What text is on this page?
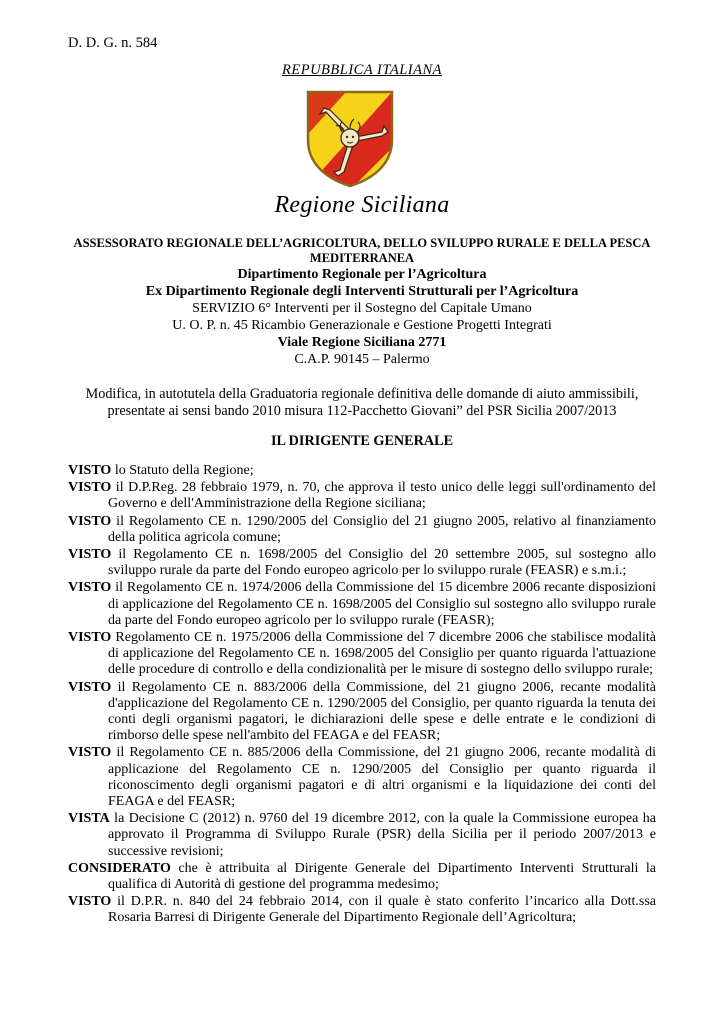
D. D. G. n. 584
REPUBBLICA ITALIANA
Regione Siciliana
ASSESSORATO REGIONALE DELL’AGRICOLTURA, DELLO SVILUPPO RURALE E DELLA PESCA MEDITERRANEA
Dipartimento Regionale per l’Agricoltura
Ex Dipartimento Regionale degli Interventi Strutturali per l’Agricoltura
SERVIZIO 6° Interventi per il Sostegno del Capitale Umano
U. O. P. n. 45 Ricambio Generazionale e Gestione Progetti Integrati
Viale Regione Siciliana 2771
C.A.P. 90145 – Palermo
Modifica, in autotutela della Graduatoria regionale definitiva delle domande di aiuto ammissibili, presentate ai sensi bando 2010 misura 112-Pacchetto Giovani” del PSR Sicilia 2007/2013
IL DIRIGENTE GENERALE

VISTO lo Statuto della Regione;

VISTO il D.P.Reg. 28 febbraio 1979, n. 70, che approva il testo unico delle leggi sull'ordinamento del Governo e dell'Amministrazione della Regione siciliana;

VISTO il Regolamento CE n. 1290/2005 del Consiglio del 21 giugno 2005, relativo al finanziamento della politica agricola comune;

VISTO il Regolamento CE n. 1698/2005 del Consiglio del 20 settembre 2005, sul sostegno allo sviluppo rurale da parte del Fondo europeo agricolo per lo sviluppo rurale (FEASR) e s.m.i.;

VISTO il Regolamento CE n. 1974/2006 della Commissione del 15 dicembre 2006 recante disposizioni di applicazione del Regolamento CE n. 1698/2005 del Consiglio sul sostegno allo sviluppo rurale da parte del Fondo europeo agricolo per lo sviluppo rurale (FEASR);

VISTO Regolamento CE n. 1975/2006 della Commissione del 7 dicembre 2006 che stabilisce modalità di applicazione del Regolamento CE n. 1698/2005 del Consiglio per quanto riguarda l'attuazione delle procedure di controllo e della condizionalità per le misure di sostegno dello sviluppo rurale;

VISTO il Regolamento CE n. 883/2006 della Commissione, del 21 giugno 2006, recante modalità d'applicazione del Regolamento CE n. 1290/2005 del Consiglio, per quanto riguarda la tenuta dei conti degli organismi pagatori, le dichiarazioni delle spese e delle entrate e le condizioni di rimborso delle spese nell'ambito del FEAGA e del FEASR;

VISTO il Regolamento CE n. 885/2006 della Commissione, del 21 giugno 2006, recante modalità di applicazione del Regolamento CE n. 1290/2005 del Consiglio per quanto riguarda il riconoscimento degli organismi pagatori e di altri organismi e la liquidazione dei conti del FEAGA e del FEASR;

VISTA la Decisione C (2012) n. 9760 del 19 dicembre 2012, con la quale la Commissione europea ha approvato il Programma di Sviluppo Rurale (PSR) della Sicilia per il periodo 2007/2013 e successive revisioni;

CONSIDERATO che è attribuita al Dirigente Generale del Dipartimento Interventi Strutturali la qualifica di Autorità di gestione del programma medesimo;

VISTO il D.P.R. n. 840 del 24 febbraio 2014, con il quale è stato conferito l’incarico alla Dott.ssa Rosaria Barresi di Dirigente Generale del Dipartimento Regionale dell’Agricoltura;
